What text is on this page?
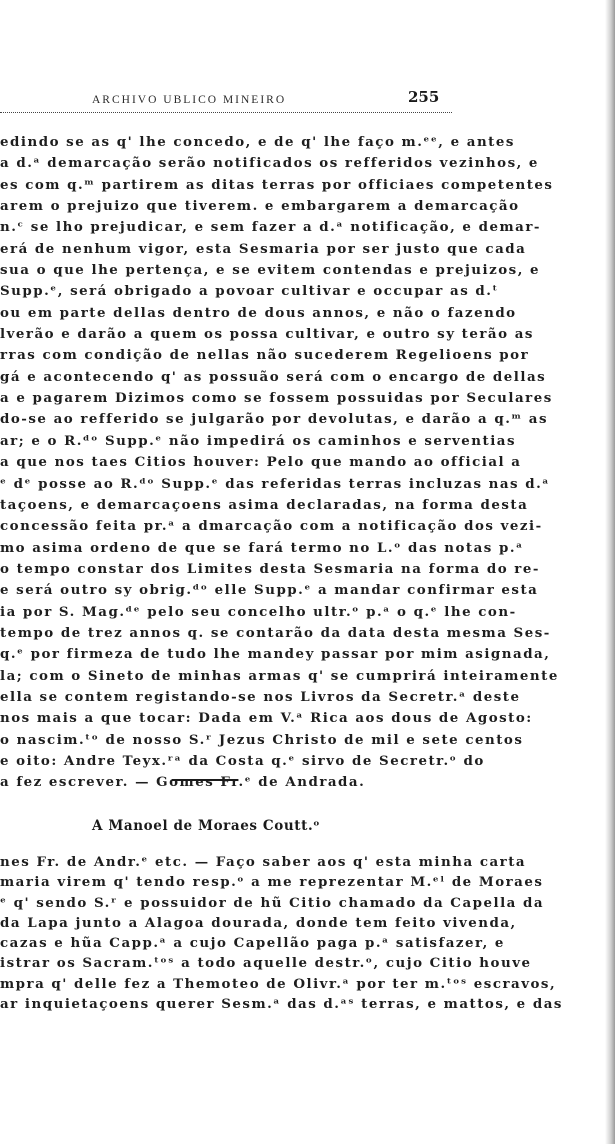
ARCHIVO UBLICO MINEIRO	255
edindo se as q' lhe concedo, e de q' lhe faço m.ᵉᵉ, e antes
a d.ᵃ demarcação serão notificados os refferidos vezinhos, e
es com q.ᵐ partirem as ditas terras por officiaes competentes
arem o prejuizo que tiverem. e embargarem a demarcação
n.ᶜ se lho prejudicar, e sem fazer a d.ᵃ notificação, e demar-
erá de nenhum vigor, esta Sesmaria por ser justo que cada
sua o que lhe pertença, e se evitem contendas e prejuizos, e
Supp.ᵉ, será obrigado a povoar cultivar e occupar as d.ᵗ
ou em parte dellas dentro de dous annos, e não o fazendo
lverão e darão a quem os possa cultivar, e outro sy terão as
rras com condição de nellas não sucederem Regelioens por
gá e acontecendo q' as possuão será com o encargo de dellas
a e pagarem Dizimos como se fossem possuidas por Seculares
do-se ao refferido se julgarão por devolutas, e darão a q.ᵐ as
ar; e o R.ᵈᵒ Supp.ᵉ não impedirá os caminhos e serventias
a que nos taes Citios houver: Pelo que mando ao official a
ᵉ dᵉ posse ao R.ᵈᵒ Supp.ᵉ das referidas terras incluzas nas d.ᵃ
taçoens, e demarcaçoens asima declaradas, na forma desta
concessão feita pr.ᵃ a dmarcação com a notificação dos vezi-
mo asima ordeno de que se fará termo no L.ᵒ das notas p.ᵃ
o tempo constar dos Limites desta Sesmaria na forma do re-
e será outro sy obrig.ᵈᵒ elle Supp.ᵉ a mandar confirmar esta
ia por S. Mag.ᵈᵉ pelo seu concelho ultr.ᵒ p.ᵃ o q.ᵉ lhe con-
tempo de trez annos q. se contarão da data desta mesma Ses-
q.ᵉ por firmeza de tudo lhe mandey passar por mim asignada,
la; com o Sineto de minhas armas q' se cumprirá inteiramente
ella se contem registando-se nos Livros da Secretr.ᵃ deste
nos mais a que tocar: Dada em V.ᵃ Rica aos dous de Agosto:
o nascim.ᵗᵒ de nosso S.ʳ Jezus Christo de mil e sete centos
e oito: Andre Teyx.ʳᵃ da Costa q.ᵉ sirvo de Secretr.ᵒ do
a fez escrever. — Gomes Fr.ᵉ de Andrada.
A Manoel de Moraes Coutt.ᵒ
nes Fr. de Andr.ᵉ etc. — Faço saber aos q' esta minha carta
maria virem q' tendo resp.ᵒ a me reprezentar M.ᵉˡ de Moraes
ᵉ q' sendo S.ʳ e possuidor de hũ Citio chamado da Capella da
da Lapa junto a Alagoa dourada, donde tem feito vivenda,
cazas e hũa Capp.ᵃ a cujo Capellão paga p.ᵃ satisfazer, e
istrar os Sacram.ᵗᵒˢ a todo aquelle destr.ᵒ, cujo Citio houve
mpra q' delle fez a Themoteo de Olivr.ᵃ por ter m.ᵗᵒˢ escravos,
ar inquietaçoens querer Sesm.ᵃ das d.ᵃˢ terras, e mattos, e das
